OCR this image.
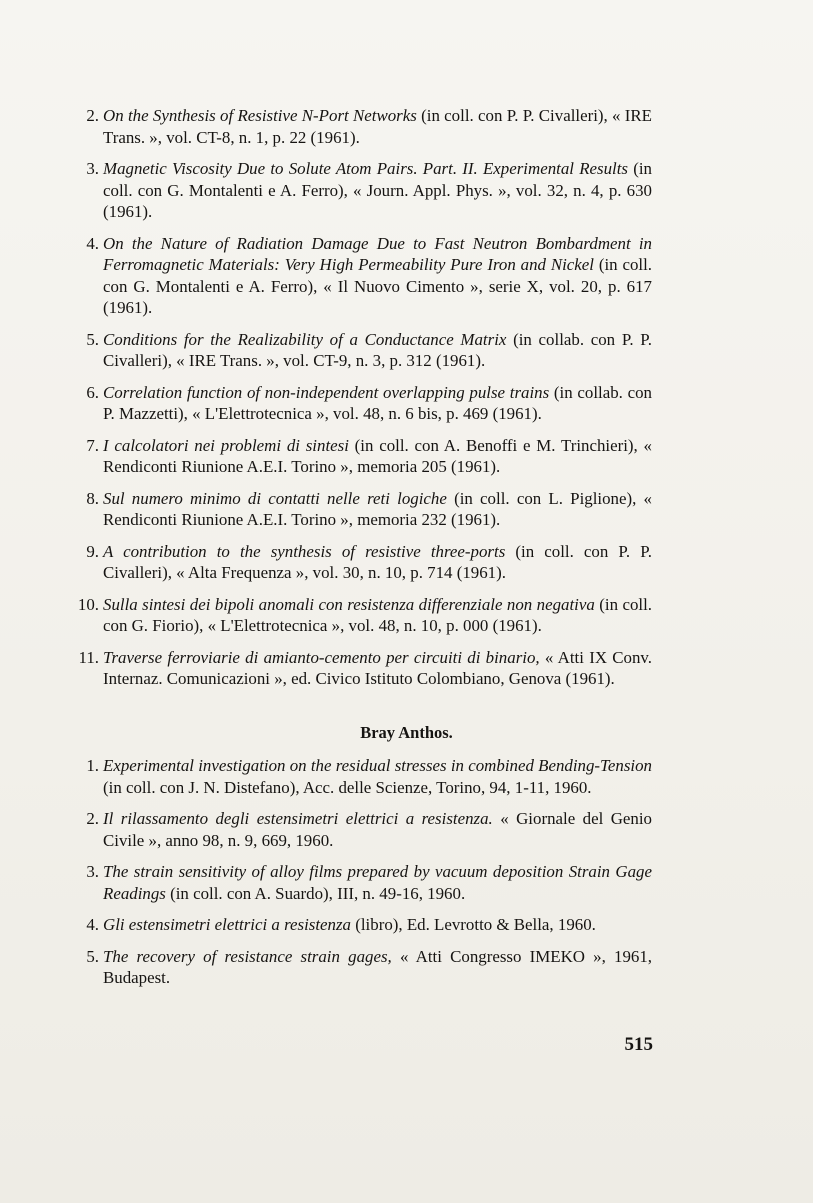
2. On the Synthesis of Resistive N-Port Networks (in coll. con P. P. Civalleri), « IRE Trans. », vol. CT-8, n. 1, p. 22 (1961).
3. Magnetic Viscosity Due to Solute Atom Pairs. Part. II. Experimental Results (in coll. con G. Montalenti e A. Ferro), « Journ. Appl. Phys. », vol. 32, n. 4, p. 630 (1961).
4. On the Nature of Radiation Damage Due to Fast Neutron Bombardment in Ferromagnetic Materials: Very High Permeability Pure Iron and Nickel (in coll. con G. Montalenti e A. Ferro), « Il Nuovo Cimento », serie X, vol. 20, p. 617 (1961).
5. Conditions for the Realizability of a Conductance Matrix (in collab. con P. P. Civalleri), « IRE Trans. », vol. CT-9, n. 3, p. 312 (1961).
6. Correlation function of non-independent overlapping pulse trains (in collab. con P. Mazzetti), « L'Elettrotecnica », vol. 48, n. 6 bis, p. 469 (1961).
7. I calcolatori nei problemi di sintesi (in coll. con A. Benoffi e M. Trinchieri), « Rendiconti Riunione A.E.I. Torino », memoria 205 (1961).
8. Sul numero minimo di contatti nelle reti logiche (in coll. con L. Piglione), « Rendiconti Riunione A.E.I. Torino », memoria 232 (1961).
9. A contribution to the synthesis of resistive three-ports (in coll. con P. P. Civalleri), « Alta Frequenza », vol. 30, n. 10, p. 714 (1961).
10. Sulla sintesi dei bipoli anomali con resistenza differenziale non negativa (in coll. con G. Fiorio), « L'Elettrotecnica », vol. 48, n. 10, p. 000 (1961).
11. Traverse ferroviarie di amianto-cemento per circuiti di binario, « Atti IX Conv. Internaz. Comunicazioni », ed. Civico Istituto Colombiano, Genova (1961).
Bray Anthos.
1. Experimental investigation on the residual stresses in combined Bending-Tension (in coll. con J. N. Distefano), Acc. delle Scienze, Torino, 94, 1-11, 1960.
2. Il rilassamento degli estensimetri elettrici a resistenza. « Giornale del Genio Civile », anno 98, n. 9, 669, 1960.
3. The strain sensitivity of alloy films prepared by vacuum deposition Strain Gage Readings (in coll. con A. Suardo), III, n. 49-16, 1960.
4. Gli estensimetri elettrici a resistenza (libro), Ed. Levrotto & Bella, 1960.
5. The recovery of resistance strain gages, « Atti Congresso IMEKO », 1961, Budapest.
515
